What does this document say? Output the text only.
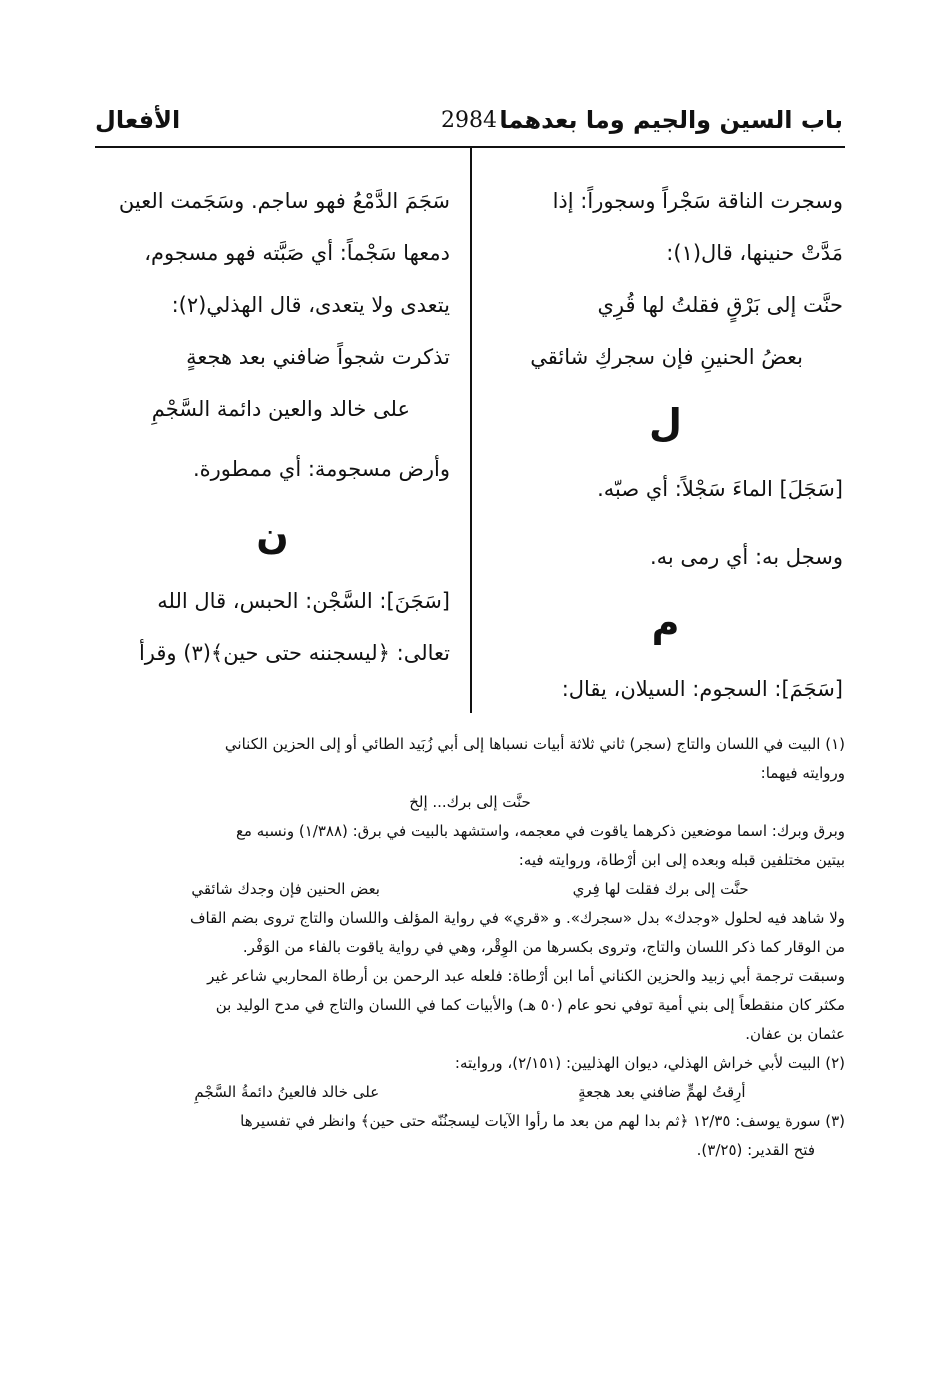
باب السين والجيم وما بعدهما
2984
الأفعال
وسجرت الناقة سَجْراً وسجوراً: إذا
مَدَّتْ حنينها، قال(١):
حنَّت إلى بَرْقٍ فقلتُ لها قُرِي
بعضُ الحنينِ فإن سجركِ شائقي
ل
[سَجَلَ] الماءَ سَجْلاً: أي صبّه.
وسجل به: أي رمى به.
م
[سَجَمَ]: السجوم: السيلان، يقال:
سَجَمَ الدَّمْعُ فهو ساجم. وسَجَمت العين
دمعها سَجْماً: أي صَبَّته فهو مسجوم،
يتعدى ولا يتعدى، قال الهذلي(٢):
تذكرت شجواً ضافني بعد هجعةٍ
على خالد والعين دائمة السَّجْمِ
وأرض مسجومة: أي ممطورة.
ن
[سَجَنَ]: السَّجْن: الحبس، قال الله
تعالى: ﴿ليسجننه حتى حين﴾(٣) وقرأ
(١) البيت في اللسان والتاج (سجر) ثاني ثلاثة أبيات نسباها إلى أبي زُبَيد الطائي أو إلى الحزين الكناني
وروايته فيهما:
حنَّت إلى برك... إلخ
وبرق وبرك: اسما موضعين ذكرهما ياقوت في معجمه، واستشهد بالبيت في برق: (١/٣٨٨) ونسبه مع
بيتين مختلفين قبله وبعده إلى ابن أرْطاة، وروايته فيه:
حنَّت إلى برك فقلت لها فِري
بعض الحنين فإن وجدك شائقي
ولا شاهد فيه لحلول «وجدك» بدل «سجرك». و «قري» في رواية المؤلف واللسان والتاج تروى بضم القاف
من الوقار كما ذكر اللسان والتاج، وتروى بكسرها من الوِقْر، وهي في رواية ياقوت بالفاء من الوَفْر.
وسبقت ترجمة أبي زبيد والحزين الكناني أما ابن أرْطاة: فلعله عبد الرحمن بن أرطاة المحاربي شاعر غير
مكثر كان منقطعاً إلى بني أمية توفي نحو عام (٥٠ هـ) والأبيات كما في اللسان والتاج في مدح الوليد بن
عثمان بن عفان.
(٢) البيت لأبي خراش الهذلي، ديوان الهذليين: (٢/١٥١)، وروايته:
أرِقتُ لهمٍّ ضافني بعد هجعةٍ
على خالد فالعينُ دائمةُ السَّجْمِ
(٣) سورة يوسف: ١٢/٣٥ ﴿ثم بدا لهم من بعد ما رأوا الآيات ليسجنُنّه حتى حين﴾ وانظر في تفسيرها
فتح القدير: (٣/٢٥).
